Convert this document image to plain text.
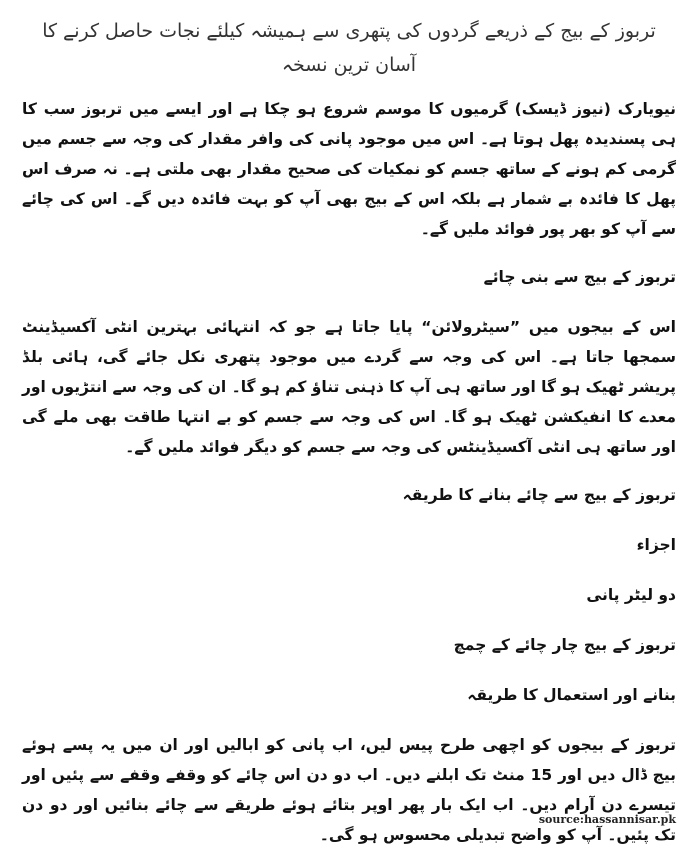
تربوز کے بیج کے ذریعے گردوں کی پتھری سے ہمیشہ کیلئے نجات حاصل کرنے کا آسان ترین نسخہ

نیویارک (نیوز ڈیسک) گرمیوں کا موسم شروع ہو چکا ہے اور ایسے میں تربوز سب کا ہی پسندیدہ پھل ہوتا ہے۔ اس میں موجود پانی کی وافر مقدار کی وجہ سے جسم میں گرمی کم ہونے کے ساتھ جسم کو نمکیات کی صحیح مقدار بھی ملتی ہے۔ نہ صرف اس پھل کا فائدہ بے شمار ہے بلکہ اس کے بیج بھی آپ کو بہت فائدہ دیں گے۔ اس کی چائے سے آپ کو بھر پور فوائد ملیں گے۔

تربوز کے بیج سے بنی چائے

اس کے بیجوں میں ”سیٹرولائن“ پایا جاتا ہے جو کہ انتہائی بہترین انٹی آکسیڈینٹ سمجھا جاتا ہے۔ اس کی وجہ سے گردے میں موجود پتھری نکل جائے گی، ہائی بلڈ پریشر ٹھیک ہو گا اور ساتھ ہی آپ کا ذہنی تناؤ کم ہو گا۔ ان کی وجہ سے انتڑیوں اور معدے کا انفیکشن ٹھیک ہو گا۔ اس کی وجہ سے جسم کو بے انتہا طاقت بھی ملے گی اور ساتھ ہی انٹی آکسیڈینٹس کی وجہ سے جسم کو دیگر فوائد ملیں گے۔

تربوز کے بیج سے چائے بنانے کا طریقہ
اجزاء
دو لیٹر پانی
تربوز کے بیج چار چائے کے چمچ
بنانے اور استعمال کا طریقہ

تربوز کے بیجوں کو اچھی طرح پیس لیں، اب پانی کو ابالیں اور ان میں یہ پسے ہوئے بیج ڈال دیں اور 15 منٹ تک ابلنے دیں۔ اب دو دن اس چائے کو وقفے وقفے سے پئیں اور تیسرے دن آرام دیں۔ اب ایک بار پھر اوپر بتائے ہوئے طریقے سے چائے بنائیں اور دو دن تک پئیں۔ آپ کو واضح تبدیلی محسوس ہو گی۔

source:hassannisar.pk
